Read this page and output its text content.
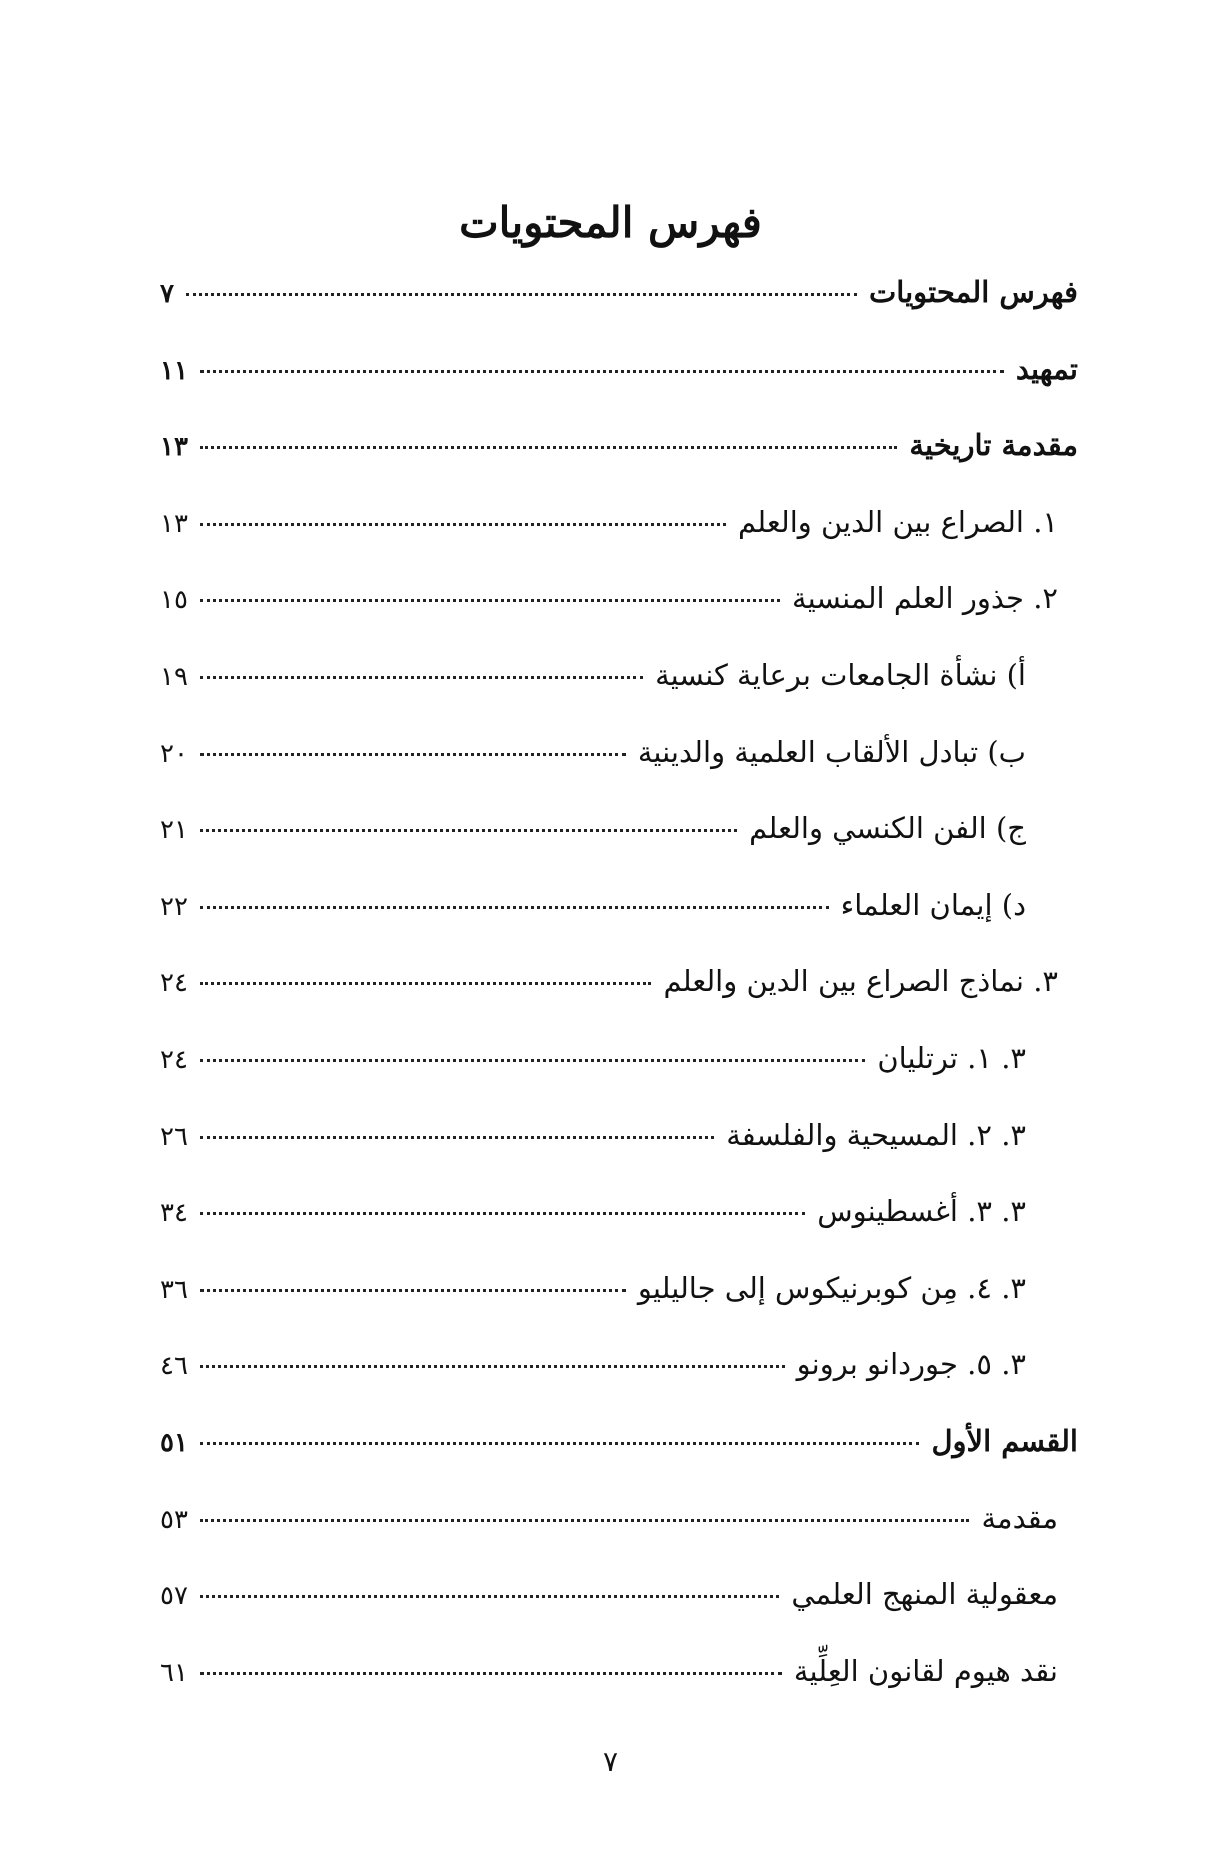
فهرس المحتويات
فهرس المحتويات
٧
تمهيد
١١
مقدمة تاريخية
١٣
١. الصراع بين الدين والعلم
١٣
٢. جذور العلم المنسية
١٥
أ) نشأة الجامعات برعاية كنسية
١٩
ب) تبادل الألقاب العلمية والدينية
٢٠
ج) الفن الكنسي والعلم
٢١
د) إيمان العلماء
٢٢
٣. نماذج الصراع بين الدين والعلم
٢٤
٣. ١. ترتليان
٢٤
٣. ٢. المسيحية والفلسفة
٢٦
٣. ٣. أغسطينوس
٣٤
٣. ٤. مِن كوبرنيكوس إلى جاليليو
٣٦
٣. ٥. جوردانو برونو
٤٦
القسم الأول
٥١
مقدمة
٥٣
معقولية المنهج العلمي
٥٧
نقد هيوم لقانون العِلِّية
٦١
٧
